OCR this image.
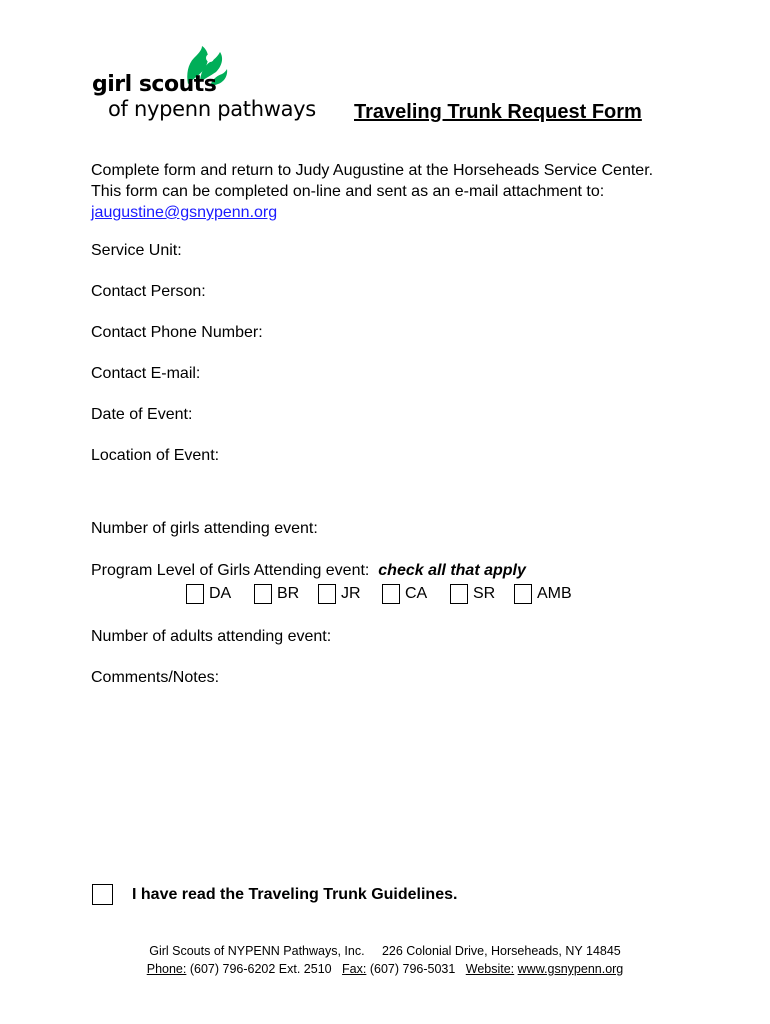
girl scouts
of nypenn pathways Traveling Trunk Request Form
Complete form and return to Judy Augustine at the Horseheads Service Center.
This form can be completed on-line and sent as an e-mail attachment to:
jaugustine@gsnypenn.org
Service Unit:
Contact Person:
Contact Phone Number:
Contact E-mail:
Date of Event:
Location of Event:
Number of girls attending event:
Program Level of Girls Attending event: check all that apply
DA	BR	JR	CA	SR	AMB
Number of adults attending event:
Comments/Notes:
I have read the Traveling Trunk Guidelines.
Girl Scouts of NYPENN Pathways, Inc. 226 Colonial Drive, Horseheads, NY 14845
Phone: (607) 796-6202 Ext. 2510 Fax: (607) 796-5031 Website: www.gsnypenn.org
